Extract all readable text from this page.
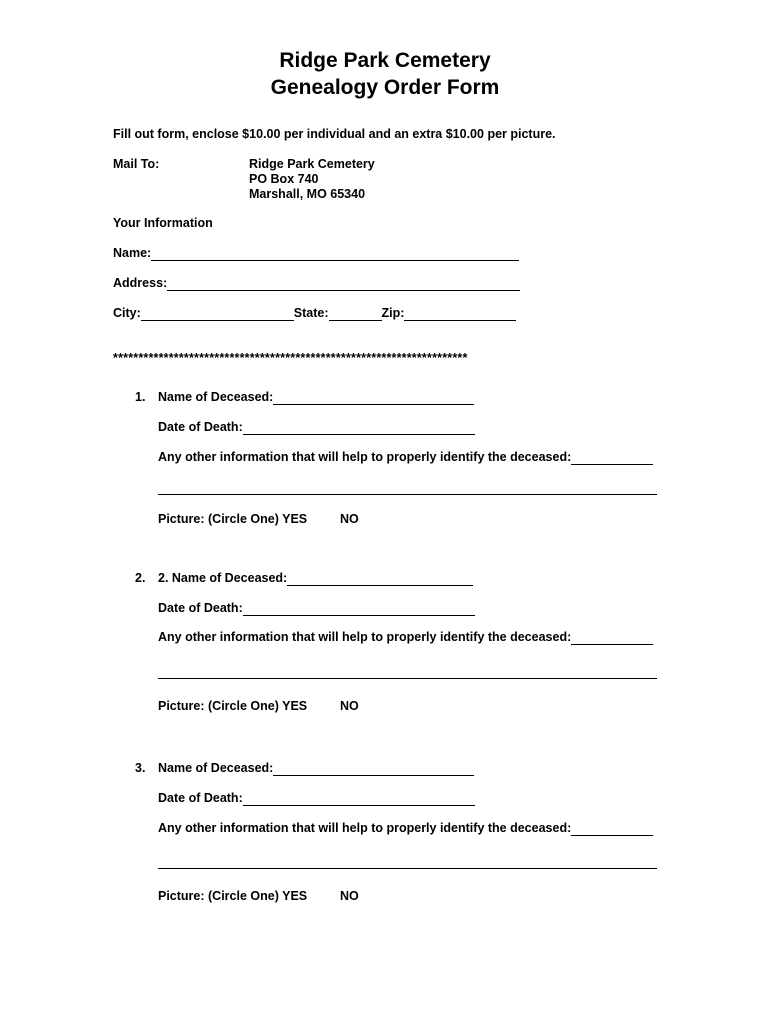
Ridge Park Cemetery
Genealogy Order Form
Fill out form, enclose $10.00 per individual and an extra $10.00 per picture.
Mail To:	Ridge Park Cemetery
PO Box 740
Marshall, MO 65340
Your Information
Name:
Address:
City:	State:	Zip:
**********************************************************************
1. Name of Deceased:
Date of Death:
Any other information that will help to properly identify the deceased:
Picture: (Circle One) YES	NO
2. 2. Name of Deceased:
Date of Death:
Any other information that will help to properly identify the deceased:
Picture: (Circle One) YES	NO
3. Name of Deceased:
Date of Death:
Any other information that will help to properly identify the deceased:
Picture: (Circle One) YES	NO
